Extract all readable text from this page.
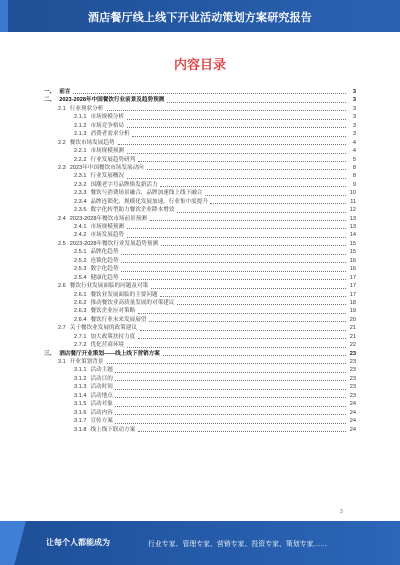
酒店餐厅线上线下开业活动策划方案研究报告
内容目录
一、 前言	3
二、 2023-2028年中国餐饮行业前景及趋势预测	3
2.1 行业现状分析	3
2.1.1 市场规模分析	3
2.1.2 市场竞争格局	3
2.1.3 消费者需求分析	3
2.2 餐饮市场发展趋势	4
2.2.1 市场规模预测	4
2.2.2 行业发展趋势研判	5
2.3 2023年中国餐饮市场发展动向	8
2.3.1 行业发展概况	8
2.3.2 国潮老字号品牌焕发新活力	9
2.3.3 餐饮与消费场景融合，品牌加速线上线下融合	10
2.3.4 品牌连锁化、规模化发展加速，行业集中度提升	11
2.3.5 数字化转型助力餐饮企业降本增效	12
2.4 2023-2028年餐饮市场前景预测	13
2.4.1 市场规模预测	13
2.4.2 市场发展趋势	14
2.5 2023-2028年餐饮行业发展趋势预测	15
2.5.1 品牌化趋势	15
2.5.2 连锁化趋势	16
2.5.3 数字化趋势	16
2.5.4 健康化趋势	17
2.6 餐饮行业发展面临的问题及对策	17
2.6.1 餐饮业发展面临的主要问题	17
2.6.2 推动餐饮业高质量发展的对策建议	18
2.6.3 餐饮企业应对策略	19
2.6.4 餐饮行业未来发展展望	20
2.7 关于餐饮业发展的政策建议	21
2.7.1 加大政策扶持力度	21
2.7.2 优化营商环境	22
三、 酒店餐厅开业策划——线上线下营销方案	23
3.1 开业策划背景	23
3.1.1 活动主题	23
3.1.2 活动目的	23
3.1.3 活动时间	23
3.1.4 活动地点	23
3.1.5 活动对象	24
3.1.6 活动内容	24
3.1.7 宣传方案	24
3.1.8 线上线下联动方案	24
3
让每个人都能成为	行业专家、管理专家、营销专家、投资专家、策划专家……
